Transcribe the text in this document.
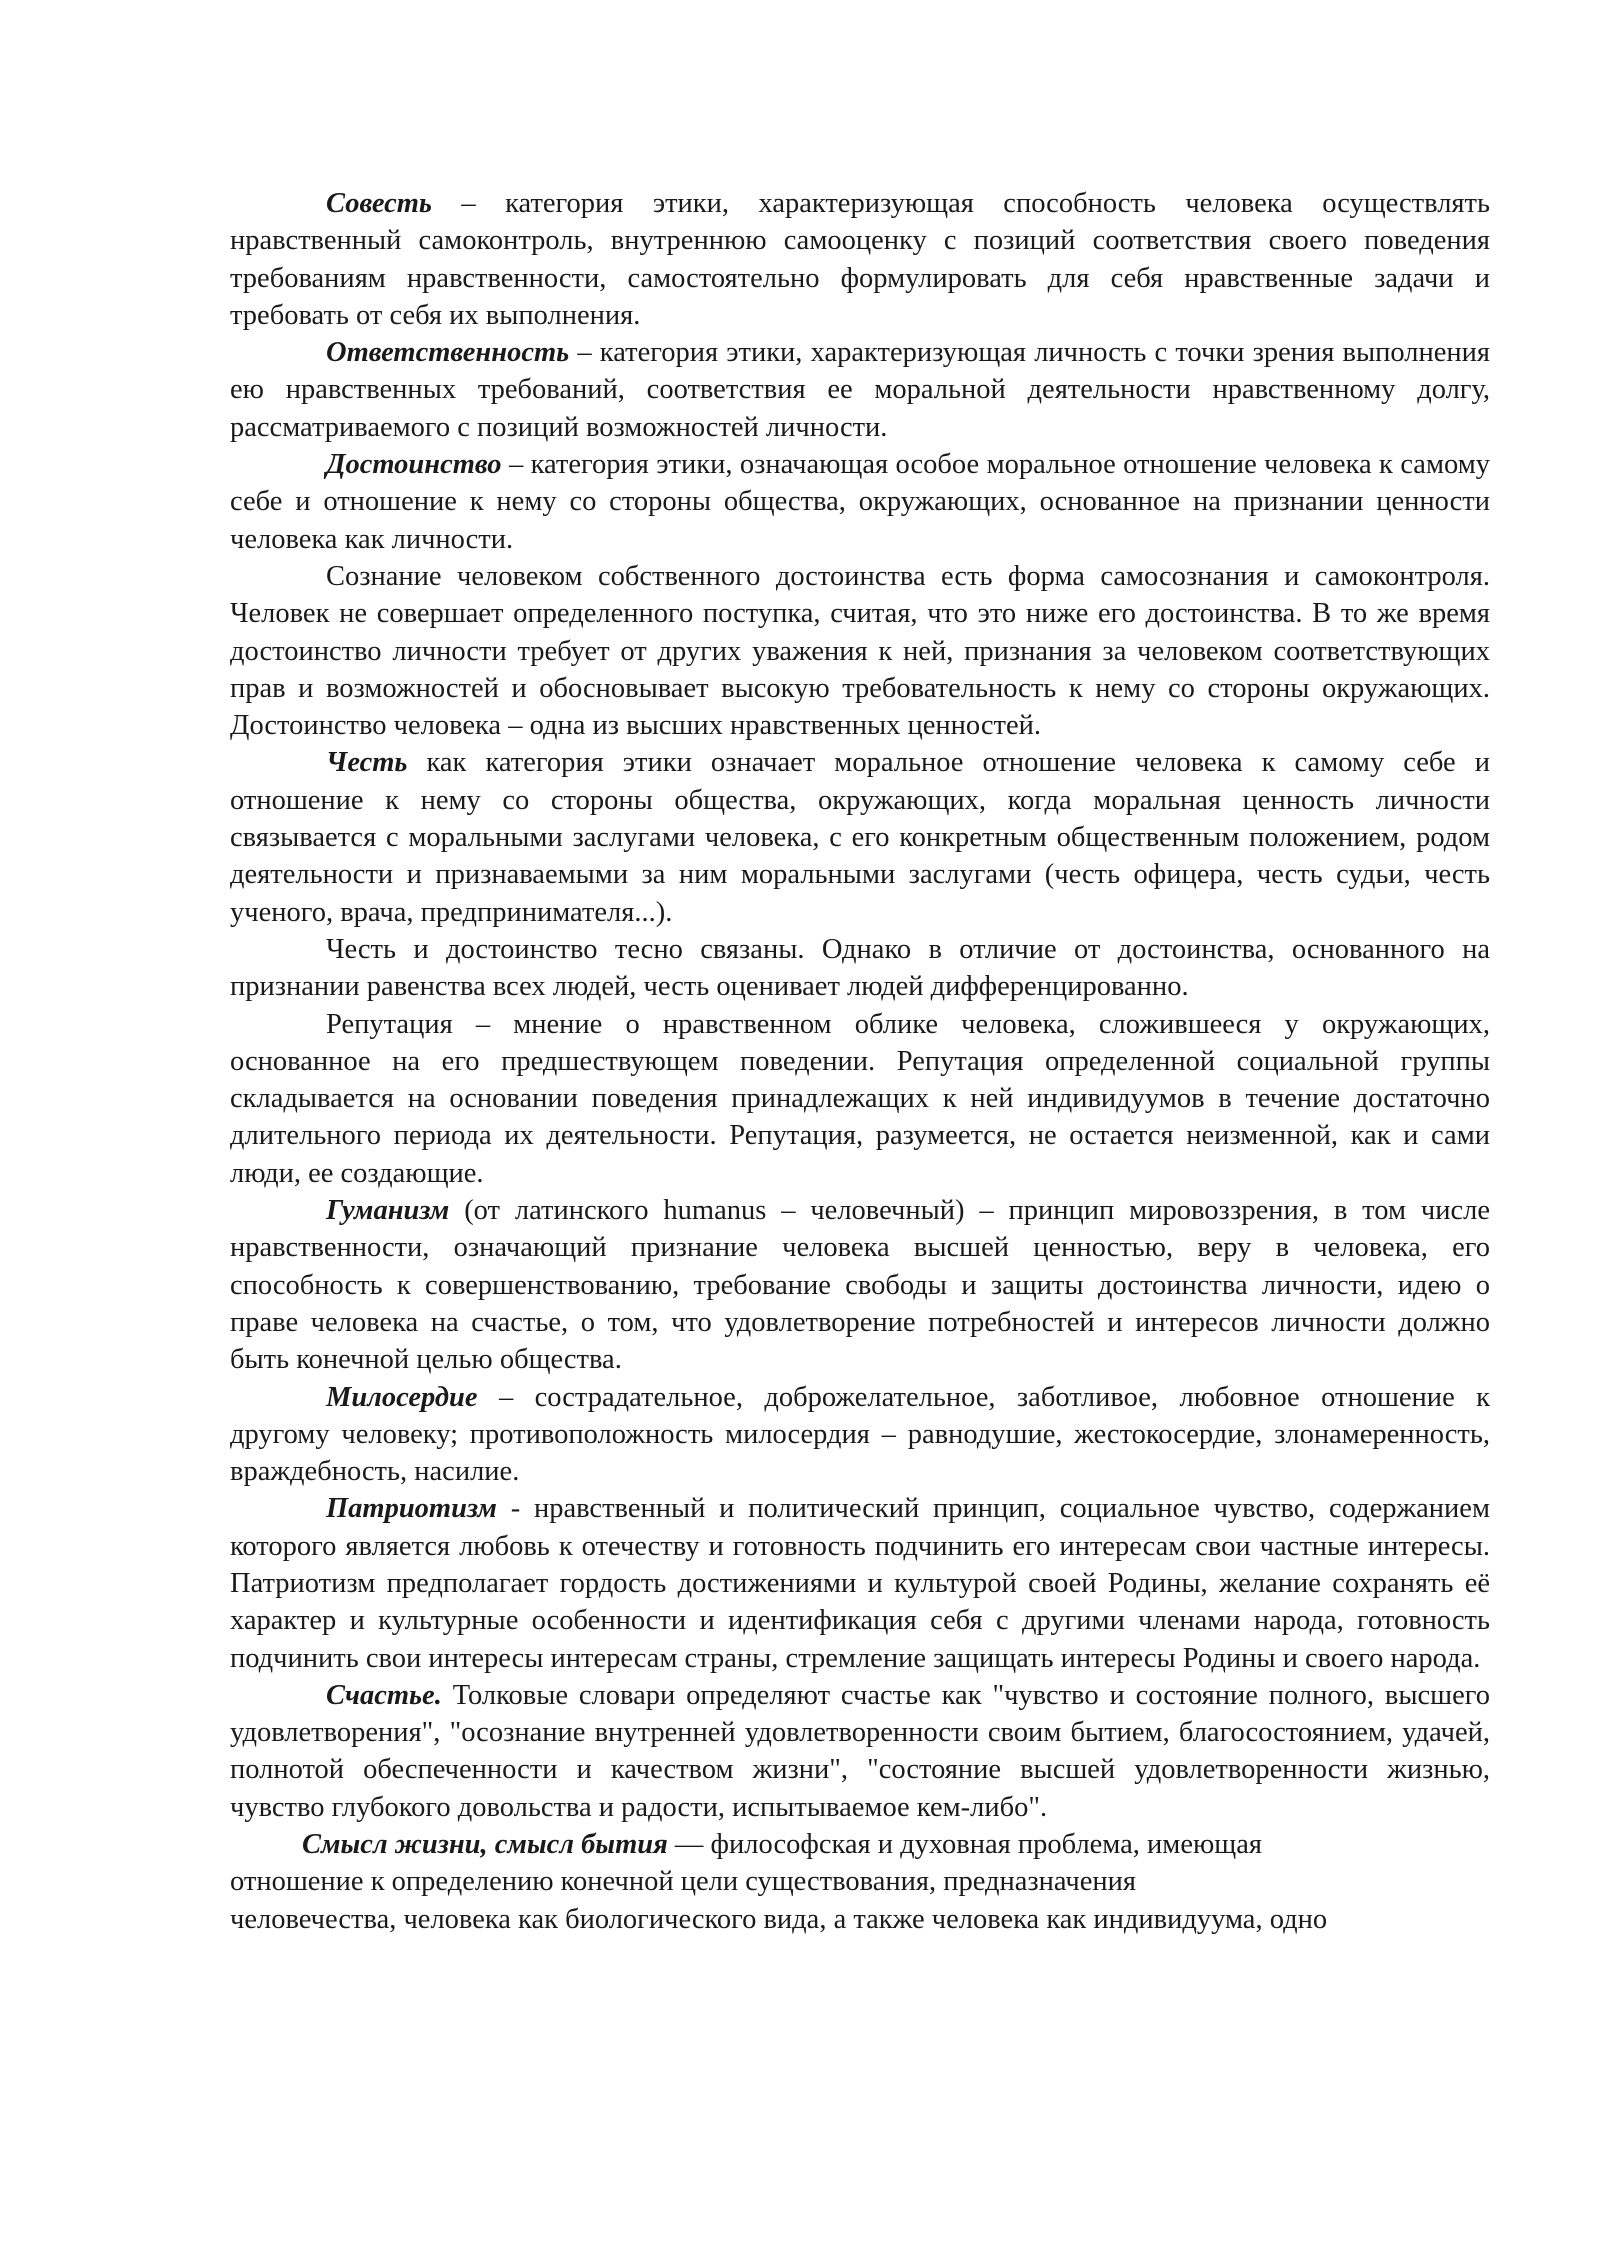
Совесть – категория этики, характеризующая способность человека осуществлять нравственный самоконтроль, внутреннюю самооценку с позиций соответствия своего поведения требованиям нравственности, самостоятельно формулировать для себя нравственные задачи и требовать от себя их выполнения.

Ответственность – категория этики, характеризующая личность с точки зрения выполнения ею нравственных требований, соответствия ее моральной деятельности нравственному долгу, рассматриваемого с позиций возможностей личности.

Достоинство – категория этики, означающая особое моральное отношение человека к самому себе и отношение к нему со стороны общества, окружающих, основанное на признании ценности человека как личности.

Сознание человеком собственного достоинства есть форма самосознания и самоконтроля. Человек не совершает определенного поступка, считая, что это ниже его достоинства. В то же время достоинство личности требует от других уважения к ней, признания за человеком соответствующих прав и возможностей и обосновывает высокую требовательность к нему со стороны окружающих. Достоинство человека – одна из высших нравственных ценностей.

Честь как категория этики означает моральное отношение человека к самому себе и отношение к нему со стороны общества, окружающих, когда моральная ценность личности связывается с моральными заслугами человека, с его конкретным общественным положением, родом деятельности и признаваемыми за ним моральными заслугами (честь офицера, честь судьи, честь ученого, врача, предпринимателя...).

Честь и достоинство тесно связаны. Однако в отличие от достоинства, основанного на признании равенства всех людей, честь оценивает людей дифференцированно.

Репутация – мнение о нравственном облике человека, сложившееся у окружающих, основанное на его предшествующем поведении. Репутация определенной социальной группы складывается на основании поведения принадлежащих к ней индивидуумов в течение достаточно длительного периода их деятельности. Репутация, разумеется, не остается неизменной, как и сами люди, ее создающие.

Гуманизм (от латинского humanus – человечный) – принцип мировоззрения, в том числе нравственности, означающий признание человека высшей ценностью, веру в человека, его способность к совершенствованию, требование свободы и защиты достоинства личности, идею о праве человека на счастье, о том, что удовлетворение потребностей и интересов личности должно быть конечной целью общества.

Милосердие – сострадательное, доброжелательное, заботливое, любовное отношение к другому человеку; противоположность милосердия – равнодушие, жестокосердие, злонамеренность, враждебность, насилие.

Патриотизм - нравственный и политический принцип, социальное чувство, содержанием которого является любовь к отечеству и готовность подчинить его интересам свои частные интересы. Патриотизм предполагает гордость достижениями и культурой своей Родины, желание сохранять её характер и культурные особенности и идентификация себя с другими членами народа, готовность подчинить свои интересы интересам страны, стремление защищать интересы Родины и своего народа.

Счастье. Толковые словари определяют счастье как "чувство и состояние полного, высшего удовлетворения", "осознание внутренней удовлетворенности своим бытием, благосостоянием, удачей, полнотой обеспеченности и качеством жизни", "состояние высшей удовлетворенности жизнью, чувство глубокого довольства и радости, испытываемое кем-либо".

Смысл жизни, смысл бытия — философская и духовная проблема, имеющая
отношение к определению конечной цели существования, предназначения
человечества, человека как биологического вида, а также человека как индивидуума, одно
